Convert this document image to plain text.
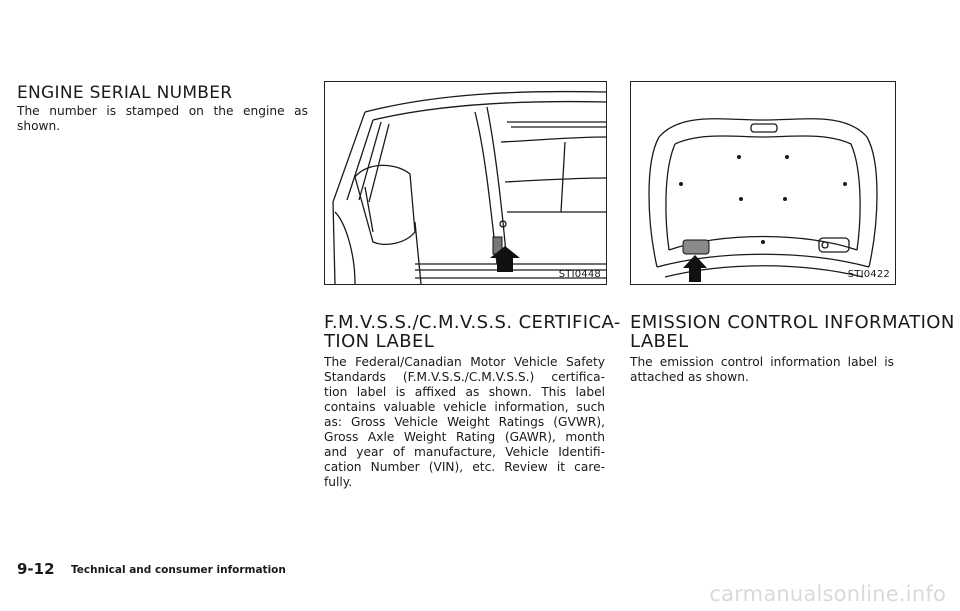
ENGINE SERIAL NUMBER
The number is stamped on the engine as
shown.
STI0448
F.M.V.S.S./C.M.V.S.S. CERTIFICA-
TION LABEL
The Federal/Canadian Motor Vehicle Safety
Standards (F.M.V.S.S./C.M.V.S.S.) certifica-
tion label is affixed as shown. This label
contains valuable vehicle information, such
as: Gross Vehicle Weight Ratings (GVWR),
Gross Axle Weight Rating (GAWR), month
and year of manufacture, Vehicle Identifi-
cation Number (VIN), etc. Review it care-
fully.
STI0422
EMISSION CONTROL INFORMATION
LABEL
The emission control information label is
attached as shown.
9-12 Technical and consumer information
carmanualsonline.info
